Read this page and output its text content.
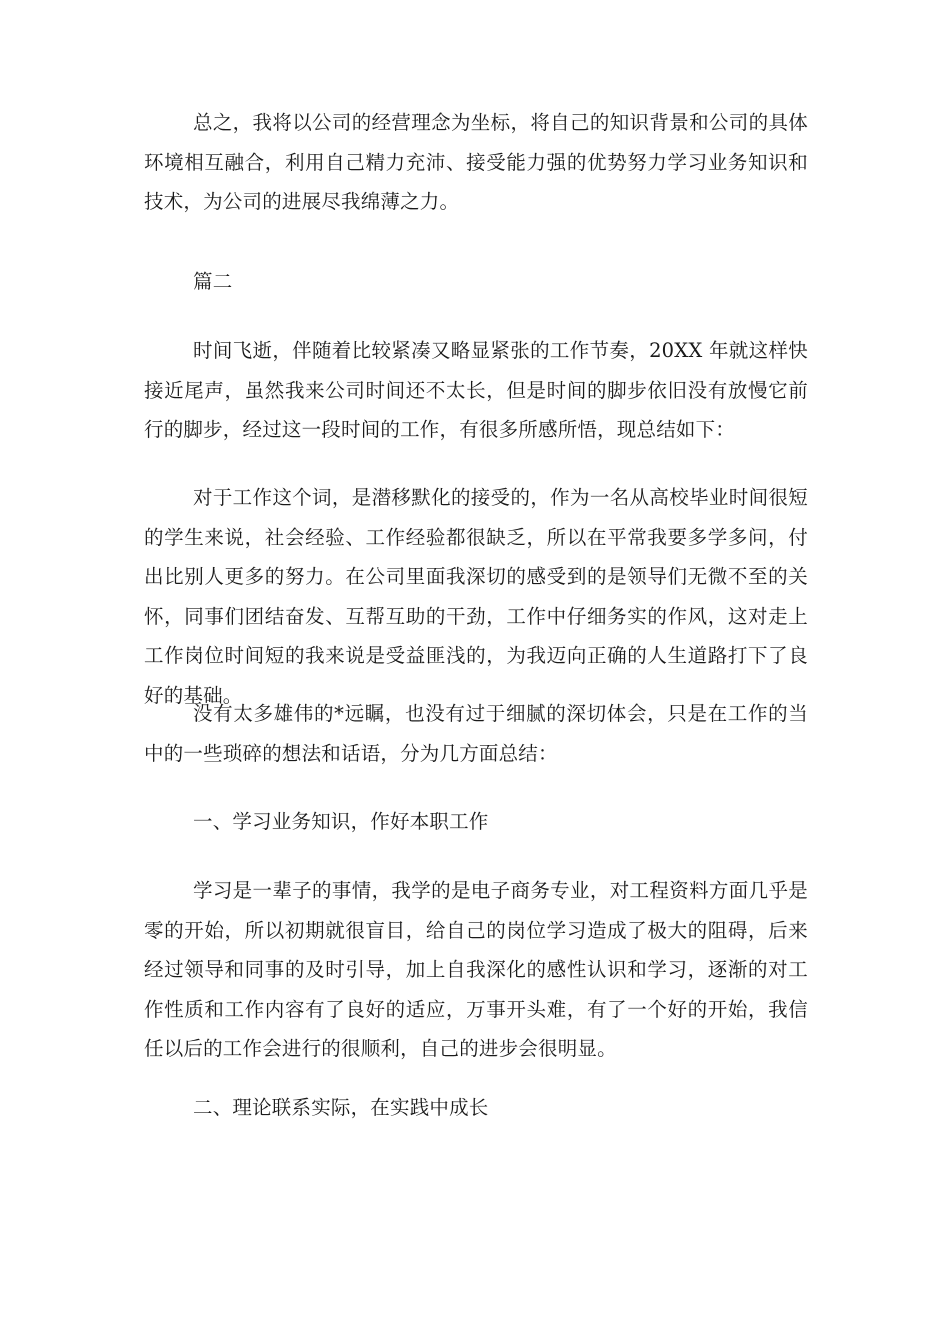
总之，我将以公司的经营理念为坐标，将自己的知识背景和公司的具体环境相互融合，利用自己精力充沛、接受能力强的优势努力学习业务知识和技术，为公司的进展尽我绵薄之力。

篇二

时间飞逝，伴随着比较紧凑又略显紧张的工作节奏，20XX 年就这样快接近尾声，虽然我来公司时间还不太长，但是时间的脚步依旧没有放慢它前行的脚步，经过这一段时间的工作，有很多所感所悟，现总结如下：

对于工作这个词，是潜移默化的接受的，作为一名从高校毕业时间很短的学生来说，社会经验、工作经验都很缺乏，所以在平常我要多学多问，付出比别人更多的努力。在公司里面我深切的感受到的是领导们无微不至的关怀，同事们团结奋发、互帮互助的干劲，工作中仔细务实的作风，这对走上工作岗位时间短的我来说是受益匪浅的，为我迈向正确的人生道路打下了良好的基础。

没有太多雄伟的*远瞩，也没有过于细腻的深切体会，只是在工作的当中的一些琐碎的想法和话语，分为几方面总结：

一、学习业务知识，作好本职工作

学习是一辈子的事情，我学的是电子商务专业，对工程资料方面几乎是零的开始，所以初期就很盲目，给自己的岗位学习造成了极大的阻碍，后来经过领导和同事的及时引导，加上自我深化的感性认识和学习，逐渐的对工作性质和工作内容有了良好的适应，万事开头难，有了一个好的开始，我信任以后的工作会进行的很顺利，自己的进步会很明显。

二、理论联系实际，在实践中成长
